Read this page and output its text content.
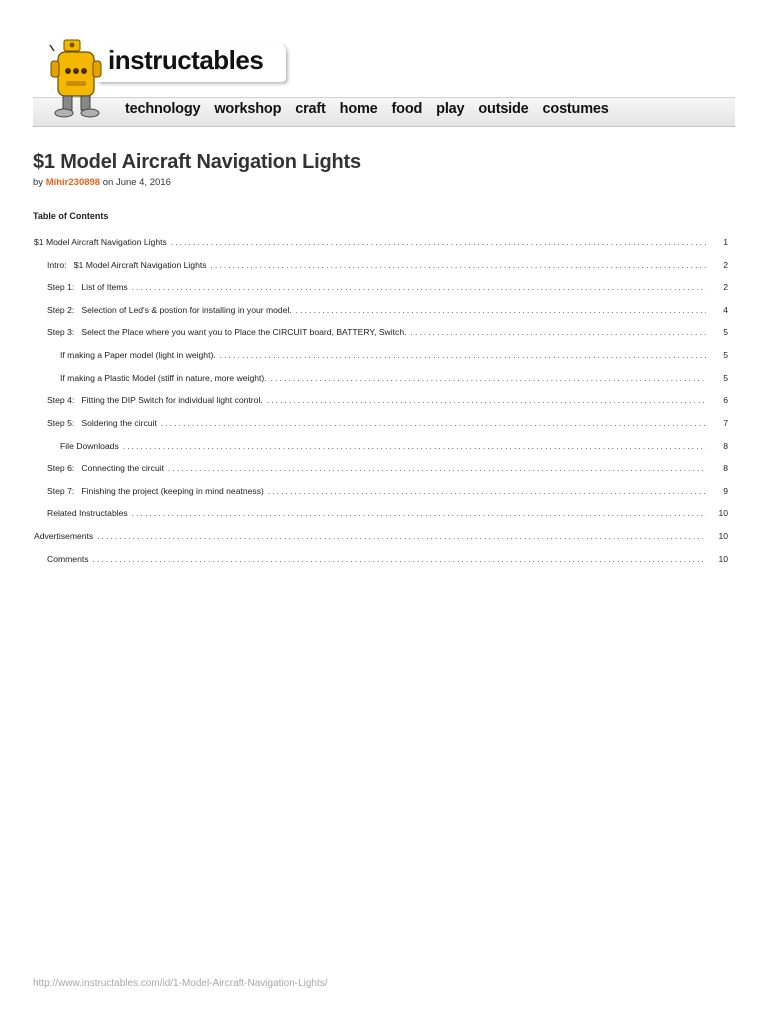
instructables
technology workshop craft home food play outside costumes
$1 Model Aircraft Navigation Lights
by Mihir230898 on June 4, 2016
Table of Contents
$1 Model Aircraft Navigation Lights . . .	1
Intro:   $1 Model Aircraft Navigation Lights . . .	2
Step 1:   List of Items . . .	2
Step 2:   Selection of Led's & postion for installing in your model. . . .	4
Step 3:   Select the Place where you want you to Place the CIRCUIT board, BATTERY, Switch. . . .	5
If making a Paper model (light in weight). . . .	5
If making a Plastic Model (stiff in nature, more weight). . . .	5
Step 4:   Fitting the DIP Switch for individual light control. . . .	6
Step 5:   Soldering the circuit . . .	7
File Downloads . . .	8
Step 6:   Connecting the circuit . . .	8
Step 7:   Finishing the project (keeping in mind neatness) . . .	9
Related Instructables . . .	10
Advertisements . . .	10
Comments . . .	10
http://www.instructables.com/id/1-Model-Aircraft-Navigation-Lights/
